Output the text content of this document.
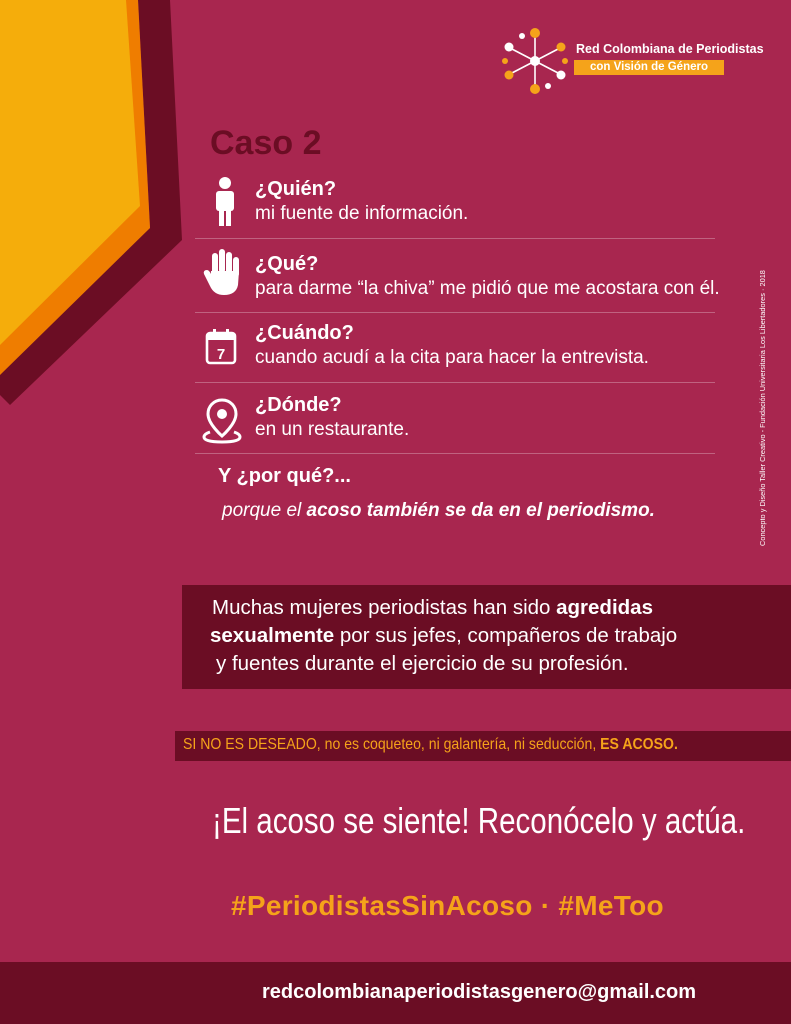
Red Colombiana de Periodistas
con Visión de Género
Caso 2
¿Quién?
mi fuente de información.
¿Qué?
para darme “la chiva” me pidió que me acostara con él.
7
¿Cuándo?
cuando acudí a la cita para hacer la entrevista.
¿Dónde?
en un restaurante.
Y ¿por qué?...
porque el acoso también se da en el periodismo.	Concepto y Diseño Taller Creativo - Fundación Universitaria Los Libertadores · 2018
Muchas mujeres periodistas han sido agredidas
sexualmente por sus jefes, compañeros de trabajo
y fuentes durante el ejercicio de su profesión.
SI NO ES DESEADO, no es coqueteo, ni galantería, ni seducción, ES ACOSO.
¡El acoso se siente! Reconócelo y actúa.
#PeriodistasSinAcoso · #MeToo
redcolombianaperiodistasgenero@gmail.com
